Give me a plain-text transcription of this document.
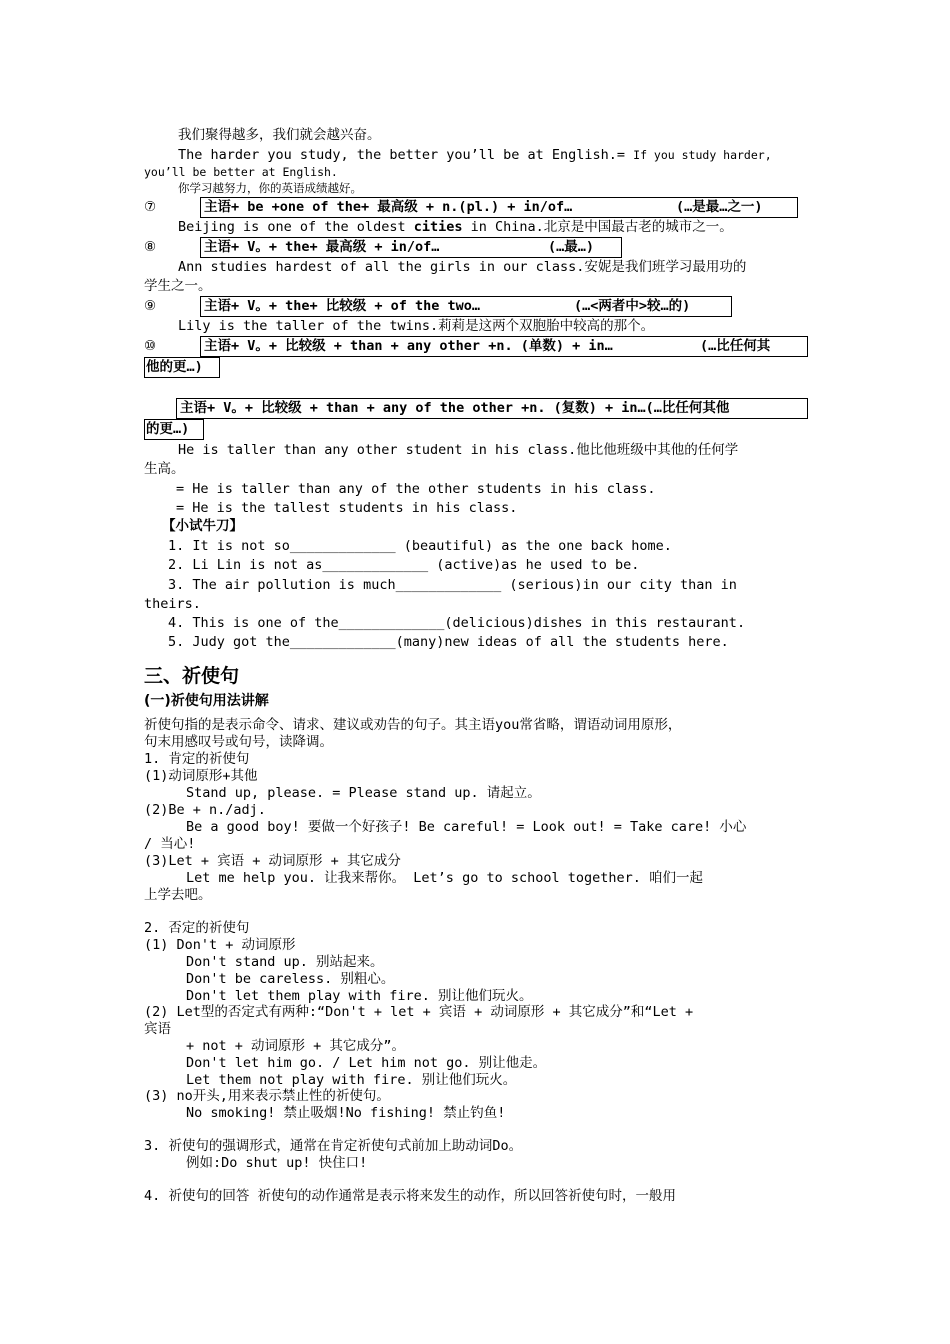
我们聚得越多，我们就会越兴奋。
The harder you study, the better you’ll be at English.= If you study harder,
you’ll be better at English.
你学习越努力，你的英语成绩越好。
⑦	主语+ be +one of the+ 最高级 + n.(pl.) + in/of…	(…是最…之一)
Beijing is one of the oldest cities in China.北京是中国最古老的城市之一。
⑧	主语+ V。+ the+ 最高级 + in/of…	(…最…)
Ann studies hardest of all the girls in our class.安妮是我们班学习最用功的
学生之一。
⑨	主语+ V。+ the+ 比较级 + of the two…	(…<两者中>较…的)
Lily is the taller of the twins.莉莉是这两个双胞胎中较高的那个。
⑩	主语+ V。+ 比较级 + than + any other +n. (单数) + in…	(…比任何其
他的更…)
主语+ V。+ 比较级 + than + any of the other +n. (复数) + in…(…比任何其他
的更…)
He is taller than any other student in his class.他比他班级中其他的任何学
生高。
= He is taller than any of the other students in his class.
= He is the tallest students in his class.
【小试牛刀】
1. It is not so_____________ (beautiful) as the one back home.
2. Li Lin is not as_____________ (active)as he used to be.
3. The air pollution is much_____________ (serious)in our city than in
theirs.
4. This is one of the_____________(delicious)dishes in this restaurant.
5. Judy got the_____________(many)new ideas of all the students here.
三、祈使句
(一)祈使句用法讲解
祈使句指的是表示命令、请求、建议或劝告的句子。其主语you常省略，谓语动词用原形，
句末用感叹号或句号，读降调。
1. 肯定的祈使句
(1)动词原形+其他
Stand up, please. = Please stand up. 请起立。
(2)Be + n./adj.
Be a good boy! 要做一个好孩子! Be careful! = Look out! = Take care! 小心
/ 当心!
(3)Let + 宾语 + 动词原形 + 其它成分
Let me help you. 让我来帮你。 Let’s go to school together. 咱们一起
上学去吧。
2. 否定的祈使句
(1) Don't + 动词原形
Don't stand up. 别站起来。
Don't be careless. 别粗心。
Don't let them play with fire. 别让他们玩火。
(2) Let型的否定式有两种:“Don't + let + 宾语 + 动词原形 + 其它成分”和“Let +
宾语
+ not + 动词原形 + 其它成分”。
Don't let him go. / Let him not go. 别让他走。
Let them not play with fire. 别让他们玩火。
(3) no开头,用来表示禁止性的祈使句。
No smoking! 禁止吸烟!No fishing! 禁止钓鱼!
3. 祈使句的强调形式，通常在肯定祈使句式前加上助动词Do。
例如:Do shut up! 快住口!
4. 祈使句的回答 祈使句的动作通常是表示将来发生的动作，所以回答祈使句时，一般用
